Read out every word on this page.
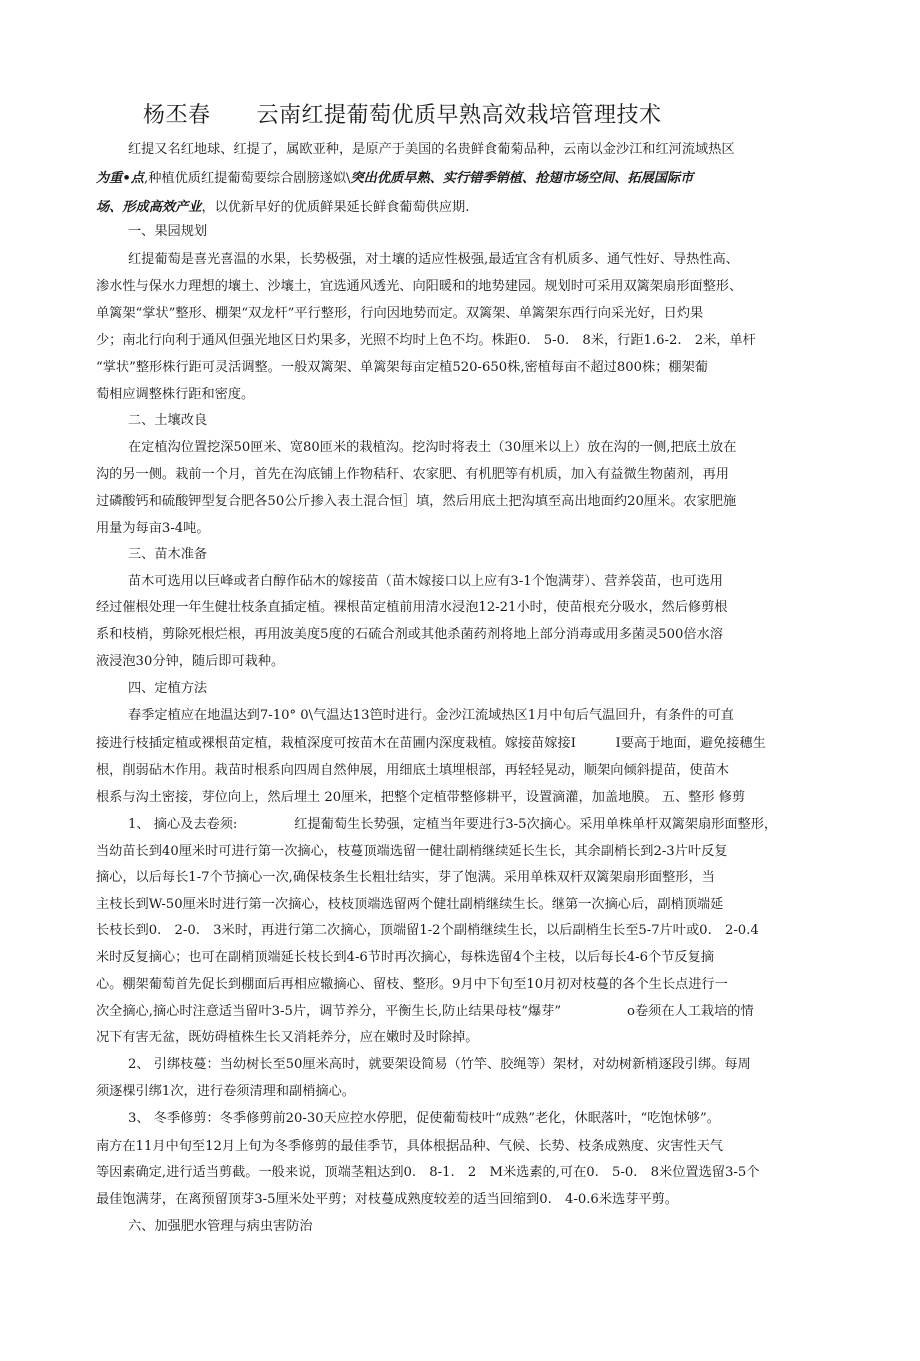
杨丕春 云南红提葡萄优质早熟高效栽培管理技术
红提又名红地球、红提了，属欧亚种，是原产于美国的名贵鲜食葡菊品种，云南以金沙江和红河流域热区
为重•点,种植优质红提葡萄要综合剧膀遂姒\突出优质早熟、实行错季销植、抢翅市场空间、拓展国际市
场、形成高效产业，以优新早好的优质鲜果延长鲜食葡萄供应期.
一、果园规划
红提葡萄是喜光喜温的水果，长势极强，对土壤的适应性极强,最适宜含有机质多、通气性好、导热性高、
渗水性与保水力理想的壤土、沙壤土，宜选通风透光、向阳暖和的地势建园。规划时可采用双篱架扇形面整形、
单篱架“掌状”整形、棚架“双龙杆”平行整形，行向因地势而定。双篱架、单篱架东西行向采光好，日灼果
少；南北行向利于通风但强光地区日灼果多，光照不均时上色不均。株距0.　5-0.　8米，行距1.6-2.　2米，单杆
“掌状”整形株行距可灵活调整。一般双篱架、单篱架每亩定植520-650株,密植每亩不超过800株；棚架葡
萄相应调整株行距和密度。
二、土壤改良
在定植沟位置挖深50匣米、宽80匝米的栽植沟。挖沟时将表土（30厘米以上）放在沟的一侧,把底土放在
沟的另一侧。栽前一个月，首先在沟底铺上作物秸秆、农家肥、有机肥等有机质，加入有益微生物菌剂，再用
过磷酸钙和硫酸钾型复合肥各50公斤掺入表土混合恒］填，然后用底土把沟填至高出地面约20厘米。农家肥施
用量为每亩3-4吨。
三、苗木准备
苗木可选用以巨峰或者白醇作砧木的嫁接苗（苗木嫁接口以上应有3-1个饱满芽）、营养袋苗，也可选用
经过催根处理一年生健壮枝条直插定植。裸根苗定植前用清水浸泡12-21小时，使苗根充分吸水，然后修剪根
系和枝梢，剪除死根烂根，再用波美度5度的石硫合剂或其他杀菌药剂将地上部分消毒或用多菌灵500倍水溶
液浸泡30分钟，随后即可栽种。
四、定植方法
春季定植应在地温达到7-10° 0\气温达13笆时进行。金沙江流域热区1月中旬后气温回升，有条件的可直
接进行枝插定植或裸根苗定植，栽植深度可按苗木在苗圃内深度栽植。嫁接苗嫁接I　　　I要高于地面，避免接穗生
根，削弱砧木作用。栽苗时根系向四周自然伸展，用细底土填埋根部，再轻轻晃动，顺架向倾斜提苗，使苗木
根系与沟土密接，芽位向上，然后埋土 20厘米，把整个定植带整修耕平，设置滴灌，加盖地膜。 五、整形 修剪
1、 摘心及去卷须:　　　　 红提葡萄生长势强，定植当年要进行3-5次摘心。采用单株单杆双篱架扇形面整形，
当幼苗长到40厘米时可进行第一次摘心，枝蔓顶端选留一健壮副梢继续延长生长，其余副梢长到2-3片叶反复
摘心，以后每长1-7个节摘心一次,确保枝条生长粗壮结实，芽了饱满。采用单株双杆双篱架扇形面整形，当
主枝长到W-50厘米时进行第一次摘心，枝枝顶端选留两个健壮副梢继续生长。继第一次摘心后，副梢顶端延
长枝长到0.　2-0.　3米时，再进行第二次摘心，顶端留1-2个副梢继续生长，以后副梢生长至5-7片叶或0.　2-0.4
米时反复摘心；也可在副梢顶端延长枝长到4-6节时再次摘心，每株选留4个主枝，以后每长4-6个节反复摘
心。棚架葡萄首先促长到棚面后再相应辙摘心、留枝、整形。9月中下旬至10月初对枝蔓的各个生长点进行一
次全摘心,摘心时注意适当留叶3-5片，调节养分，平衡生长,防止结果母枝“爆芽”　　　　　o卷须在人工栽培的情
况下有害无盆，既妨碍植株生长又消耗养分，应在嫩时及时除掉。
2、 引绑枝蔓：当幼树长至50厘米高时，就要架设简易（竹竿、胶绳等）架材，对幼树新梢逐段引绑。每周
须逐棵引绑1次，进行卷须清理和副梢摘心。
3、 冬季修剪：冬季修剪前20-30天应控水停肥，促使葡萄枝叶“成熟”老化，休眠落叶，“吃饱怵够”。
南方在11月中旬至12月上旬为冬季修剪的最佳季节，具体根据品种、气候、长势、枝条成熟度、灾害性天气
等因素确定,进行适当剪截。一般来说，顶端茎粗达到0.　8-1.　2　M米选素的,可在0.　5-0.　8米位置选留3-5个
最佳饱满芽，在离预留顶芽3-5厘米处平剪；对枝蔓成熟度较差的适当回缩到0.　4-0.6米选芽平剪。
六、加强肥水管理与病虫害防治
